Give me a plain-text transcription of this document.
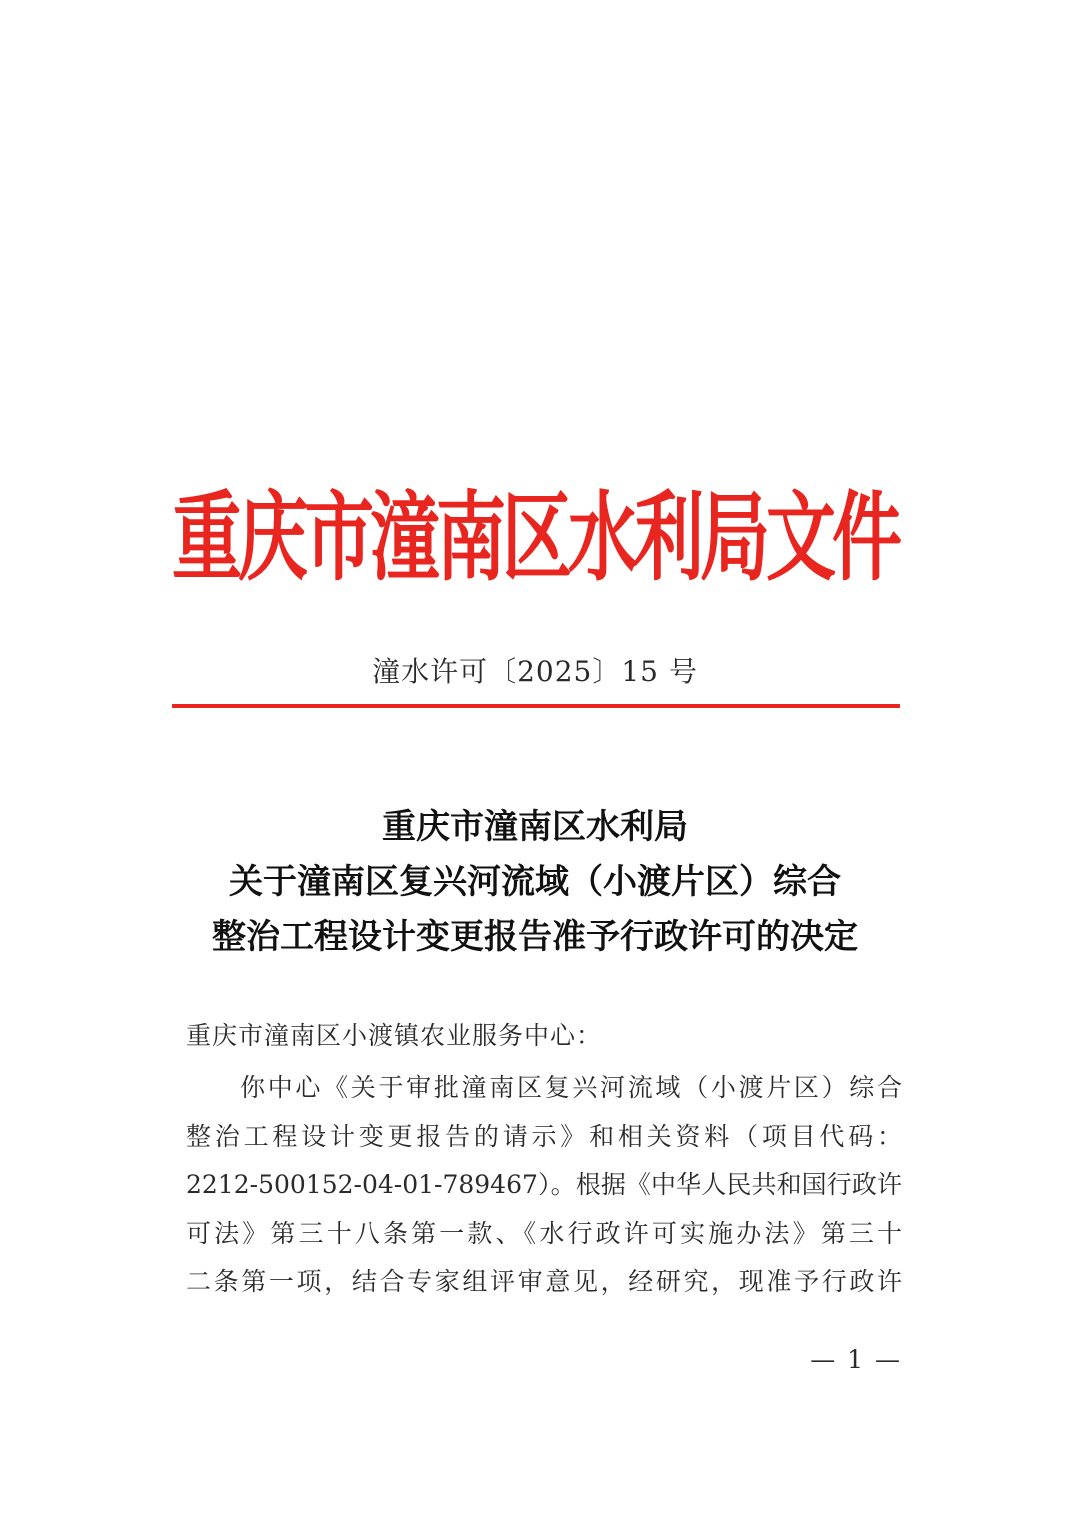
重庆市潼南区水利局文件
潼水许可〔2025〕15 号
重庆市潼南区水利局
关于潼南区复兴河流域（小渡片区）综合
整治工程设计变更报告准予行政许可的决定
重庆市潼南区小渡镇农业服务中心：
你中心《关于审批潼南区复兴河流域（小渡片区）综合
整治工程设计变更报告的请示》和相关资料（项目代码：
2212-500152-04-01-789467）。根据《中华人民共和国行政许
可法》第三十八条第一款、《水行政许可实施办法》第三十
二条第一项，结合专家组评审意见，经研究，现准予行政许
— 1 —
